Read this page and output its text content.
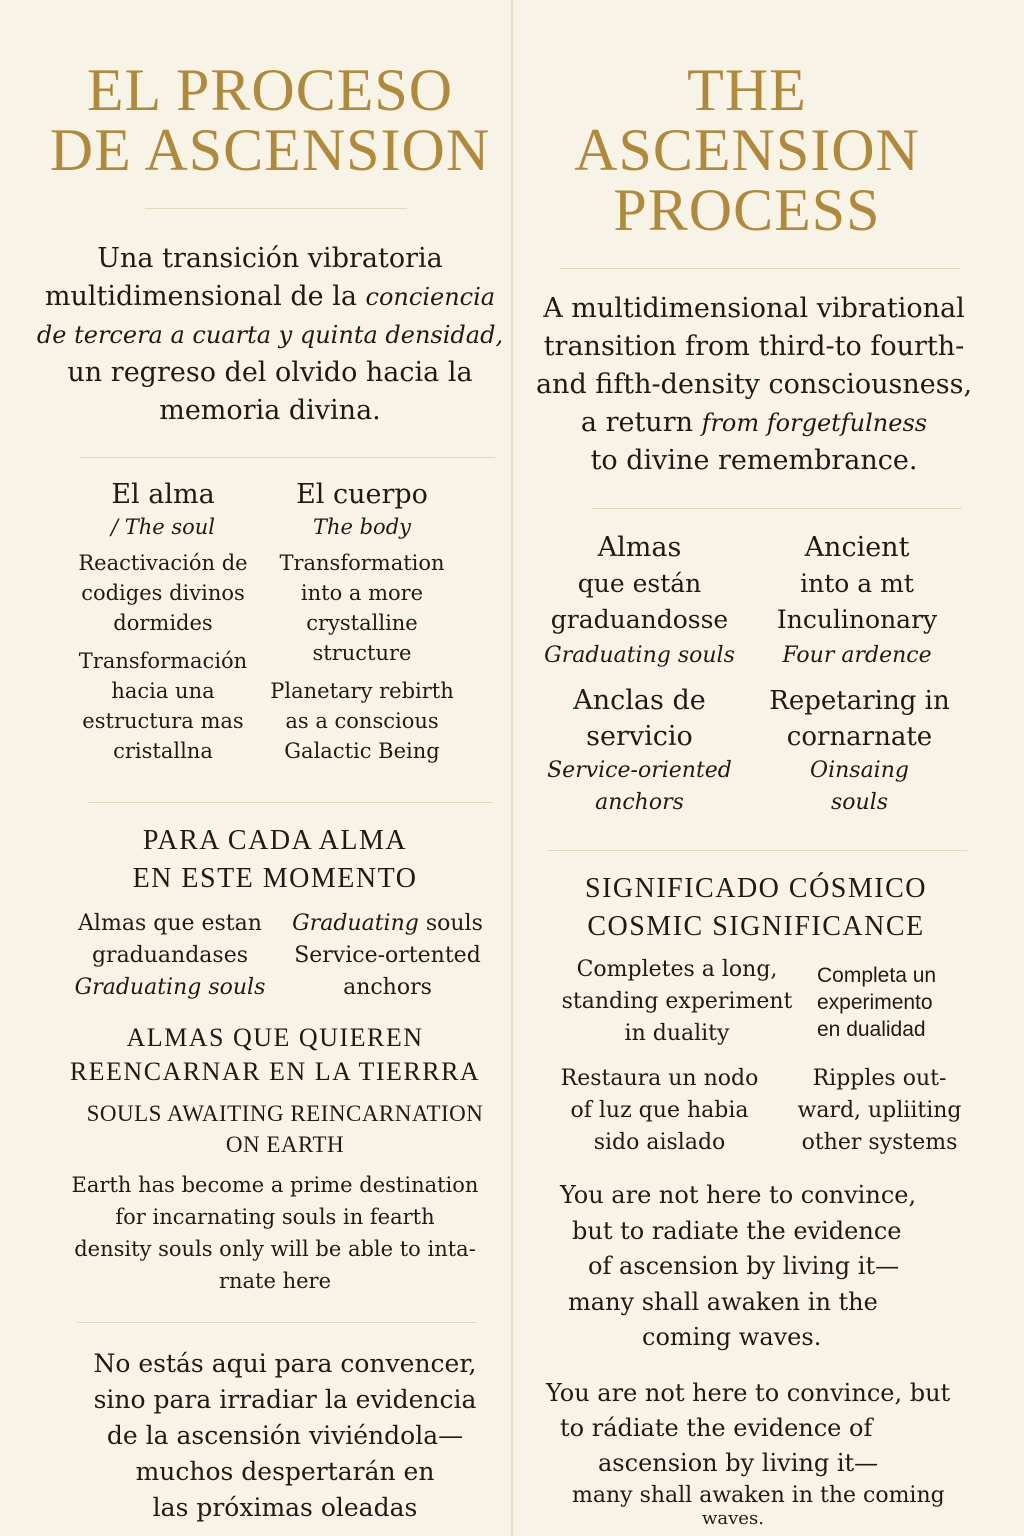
EL PROCESO
DE ASCENSION
Una transición vibratoria
multidimensional de la conciencia
de tercera a cuarta y quinta densidad,
un regreso del olvido hacia la
memoria divina.
El alma
/ The soul
Reactivación de
codiges divinos
dormides
Transformación
hacia una
estructura mas
cristallna
El cuerpo
The body
Transformation
into a more
crystalline
structure
Planetary rebirth
as a conscious
Galactic Being
PARA CADA ALMA
EN ESTE MOMENTO
Almas que estan
graduandases
Graduating souls
Graduating souls
Service-ortented
anchors
ALMAS QUE QUIEREN
REENCARNAR EN LA TIERRRA
SOULS AWAITING REINCARNATION
ON EARTH
Earth has become a prime destination
for incarnating souls in fearth
density souls only will be able to inta-
rnate here
No estás aqui para convencer,
sino para irradiar la evidencia
de la ascensión viviéndola—
muchos despertarán en
las próximas oleadas
THE
ASCENSION
PROCESS
A multidimensional vibrational
transition from third-to fourth-
and fifth-density consciousness,
a return from forgetfulness
to divine remembrance.
Almas
que están
graduandosse
Graduating souls
Ancient
into a mt
Inculinonary
Four ardence
Anclas de
servicio
Service-oriented
anchors
Repetaring in
cornarnate
Oinsaing
souls
SIGNIFICADO CÓSMICO
COSMIC SIGNIFICANCE
Completes a long,
standing experiment
in duality
Completa un
experimento
en dualidad
Restaura un nodo
of luz que habia
sido aislado
Ripples out-
ward, upliiting
other systems
You are not here to convince,
but to radiate the evidence
of ascension by living it—
many shall awaken in the
coming waves.
You are not here to convince, but
to rádiate the evidence of
ascension by living it—
many shall awaken in the coming
waves.
